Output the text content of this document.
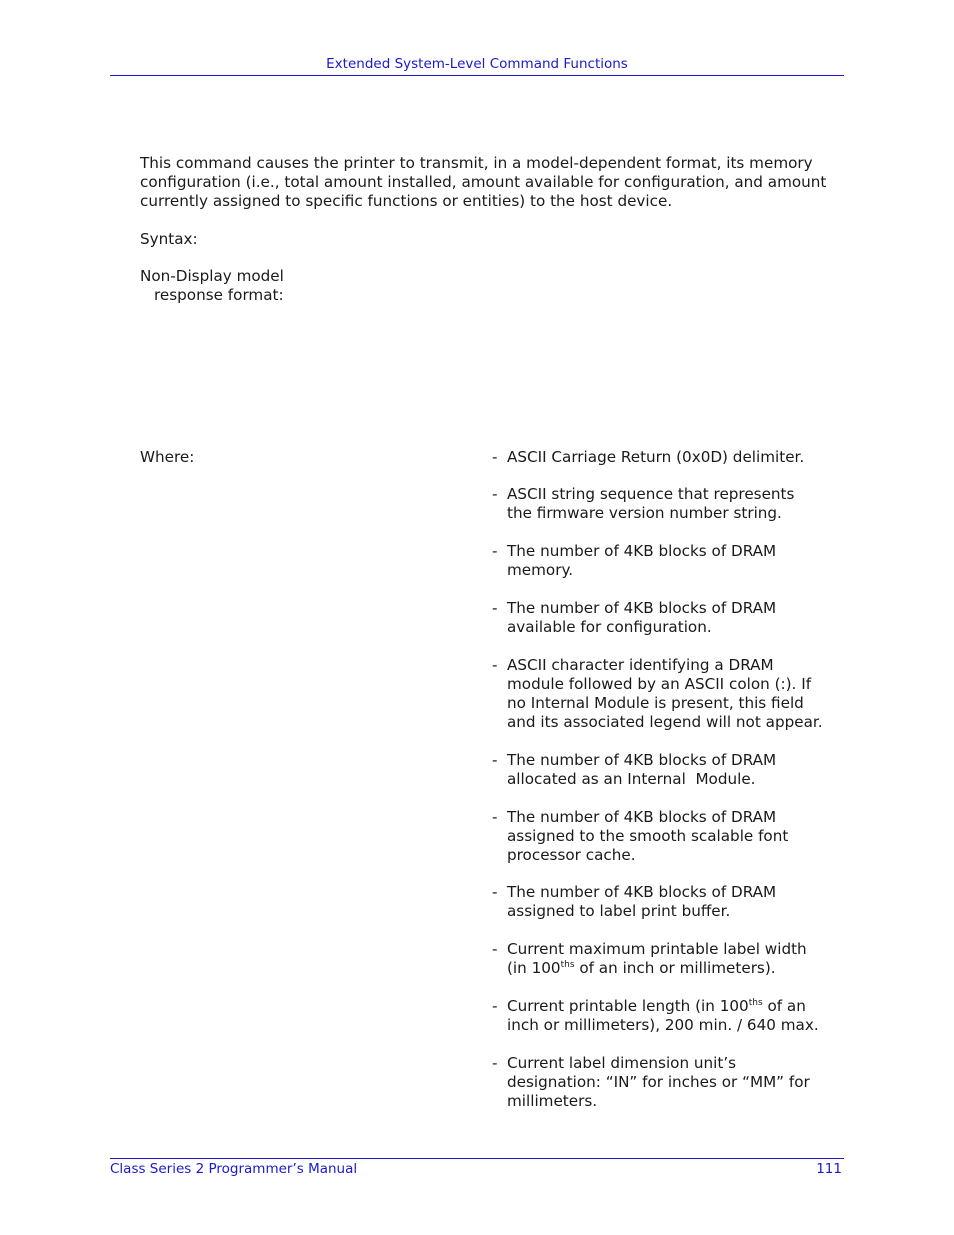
Extended System-Level Command Functions
This command causes the printer to transmit, in a model-dependent format, its memory configuration (i.e., total amount installed, amount available for configuration, and amount currently assigned to specific functions or entities) to the host device.
Syntax:
Non-Display model
response format:
Where:	- ASCII Carriage Return (0x0D) delimiter.
- ASCII string sequence that represents
the firmware version number string.
- The number of 4KB blocks of DRAM
memory.
- The number of 4KB blocks of DRAM
available for configuration.
- ASCII character identifying a DRAM
module followed by an ASCII colon (:). If
no Internal Module is present, this field
and its associated legend will not appear.
- The number of 4KB blocks of DRAM
allocated as an Internal  Module.
- The number of 4KB blocks of DRAM
assigned to the smooth scalable font
processor cache.
- The number of 4KB blocks of DRAM
assigned to label print buffer.
- Current maximum printable label width
(in $100^{ths}$ of an inch or millimeters).
- Current printable length (in $100^{ths}$ of an
inch or millimeters), 200 min. / 640 max.
- Current label dimension unit’s
designation: “IN” for inches or “MM” for
millimeters.
Class Series 2 Programmer’s Manual	111
